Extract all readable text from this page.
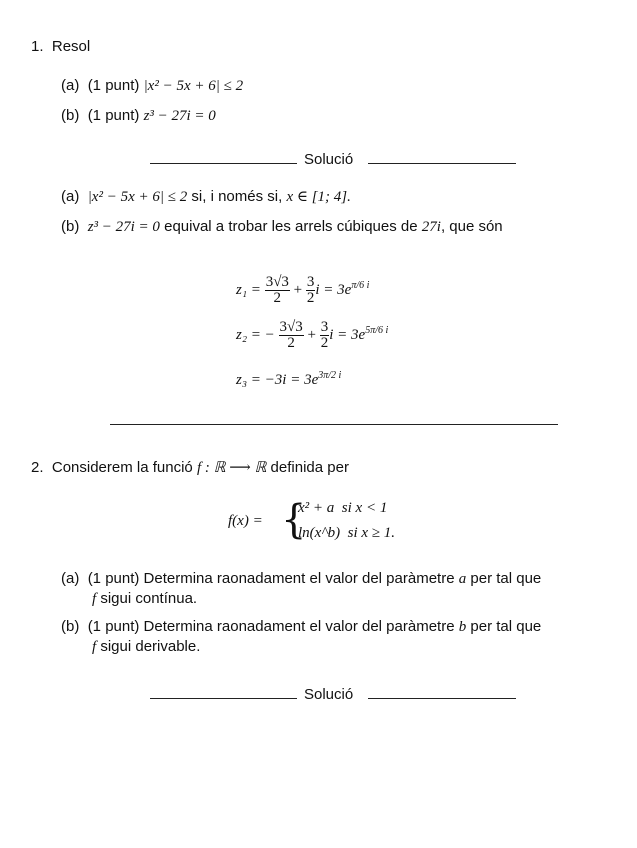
1. Resol
(a) (1 punt) |x² − 5x + 6| ≤ 2
(b) (1 punt) z³ − 27i = 0
Solució
(a) |x² − 5x + 6| ≤ 2 si, i només si, x ∈ [1; 4].
(b) z³ − 27i = 0 equival a trobar les arrels cúbiques de 27i, que són
$z_1 = \frac{3√3}{2} + \frac{3}{2}$ $i = 3e^{\pi/6 i}$
z₂ = − $\frac{3√3}{2} + \frac{3}{2}$ $i = 3e^{5\pi/6 i}$
$z_3 = -3i = 3e^{3\pi/2 i}$
2. Considerem la funció f : ℝ ⟶ ℝ definida per
f(x) = {
x² + a si x < 1
ln(x^b) si x ≥ 1.
(a) (1 punt) Determina raonadament el valor del paràmetre a per tal que
f sigui contínua.
(b) (1 punt) Determina raonadament el valor del paràmetre b per tal que
f sigui derivable.
Solució
